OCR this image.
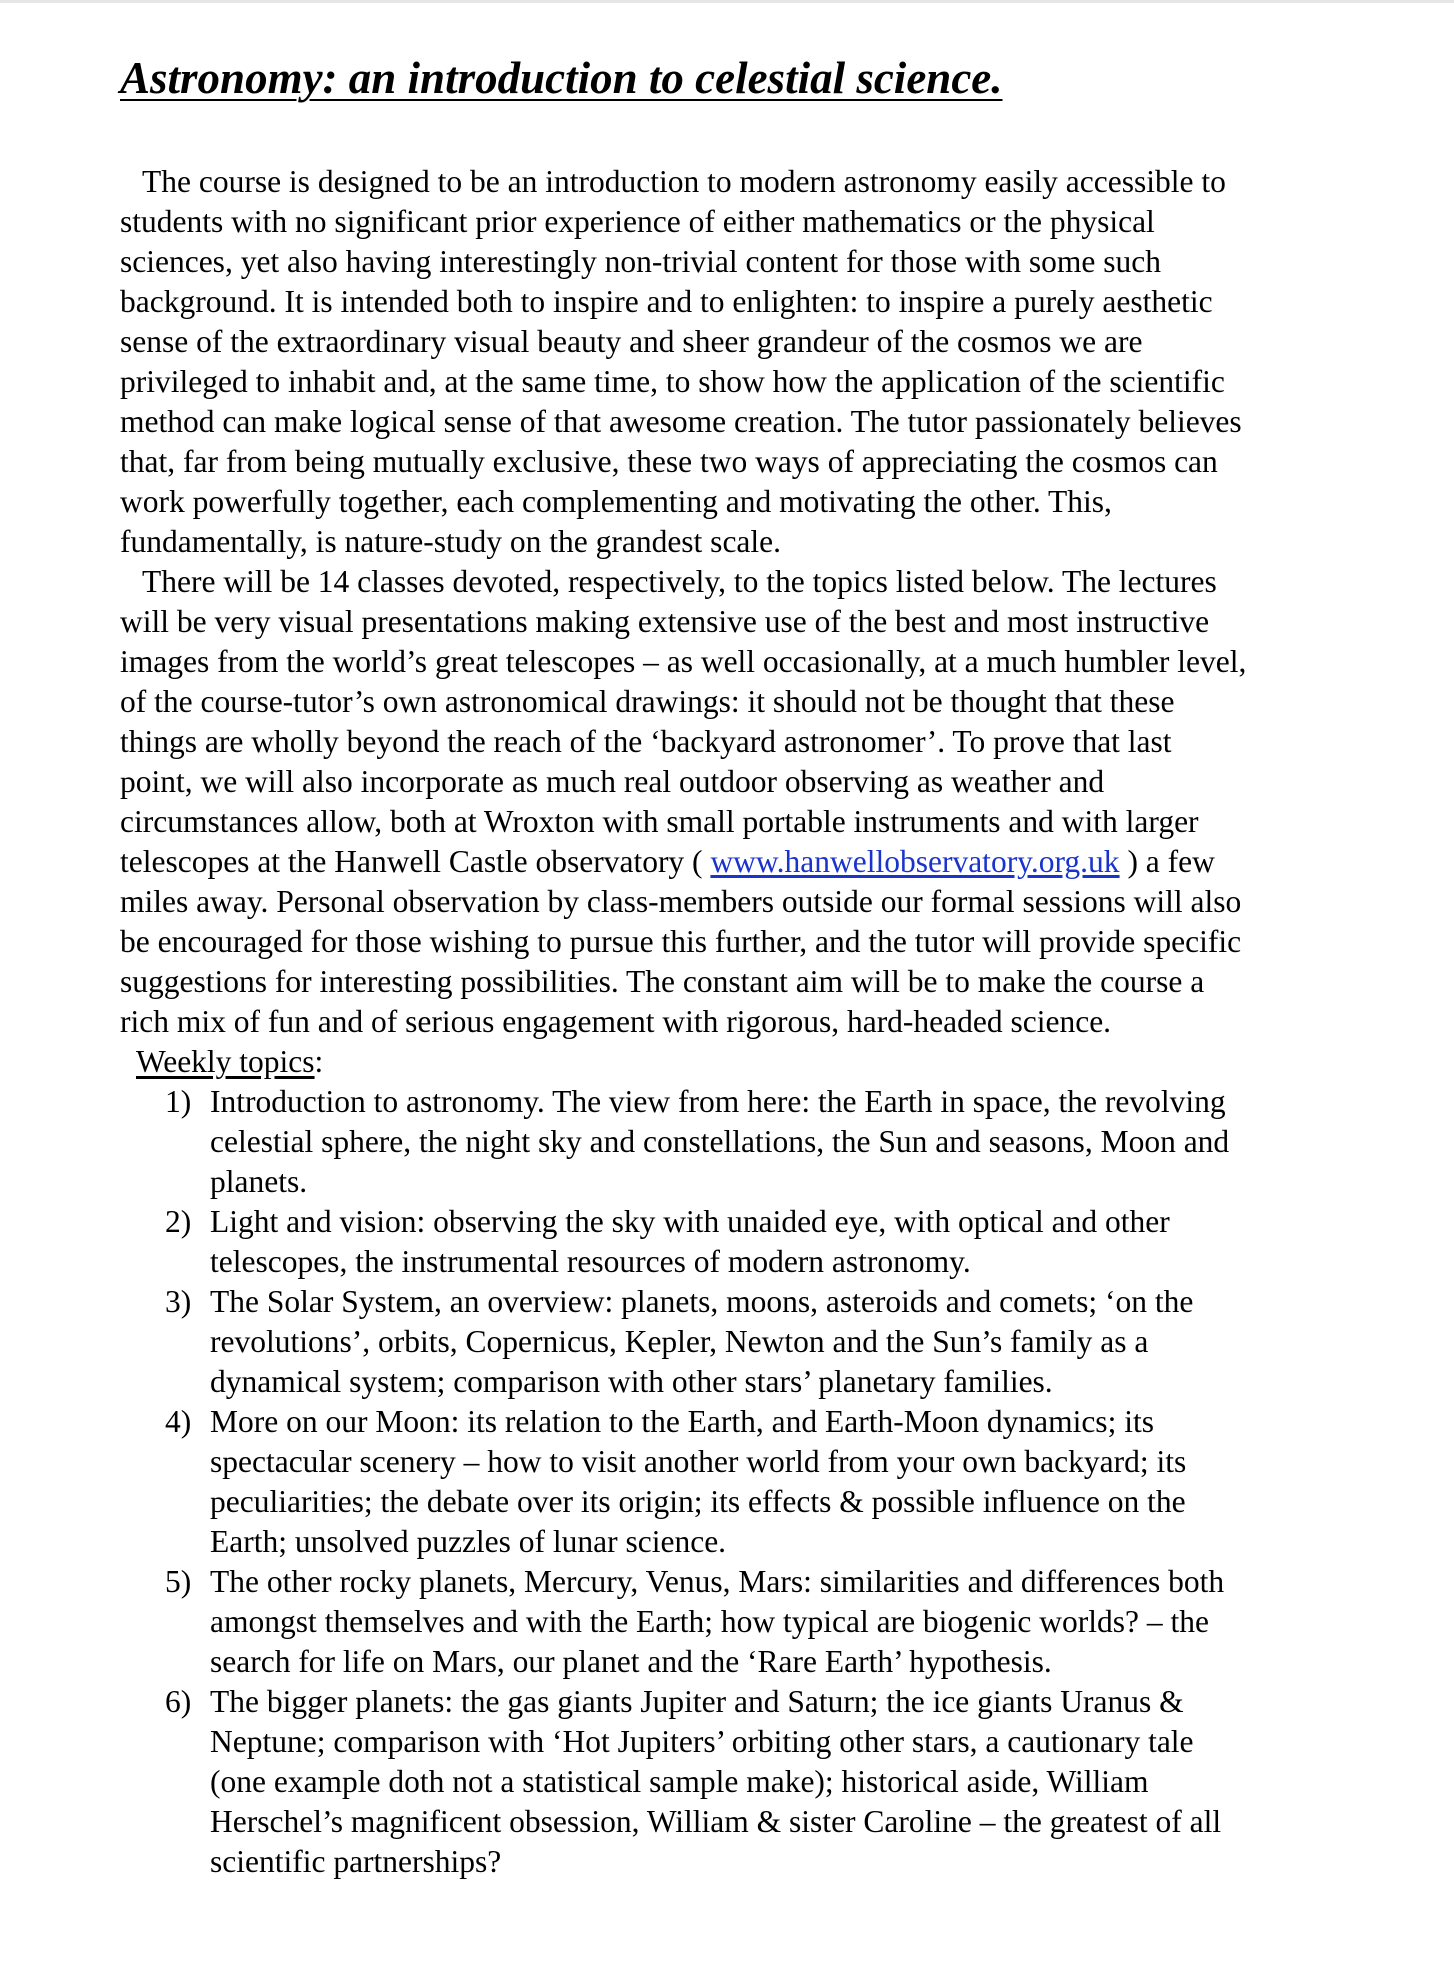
Astronomy: an introduction to celestial science.

The course is designed to be an introduction to modern astronomy easily accessible to
students with no significant prior experience of either mathematics or the physical
sciences, yet also having interestingly non-trivial content for those with some such
background. It is intended both to inspire and to enlighten: to inspire a purely aesthetic
sense of the extraordinary visual beauty and sheer grandeur of the cosmos we are
privileged to inhabit and, at the same time, to show how the application of the scientific
method can make logical sense of that awesome creation. The tutor passionately believes
that, far from being mutually exclusive, these two ways of appreciating the cosmos can
work powerfully together, each complementing and motivating the other. This,
fundamentally, is nature-study on the grandest scale.

There will be 14 classes devoted, respectively, to the topics listed below. The lectures
will be very visual presentations making extensive use of the best and most instructive
images from the world’s great telescopes – as well occasionally, at a much humbler level,
of the course-tutor’s own astronomical drawings: it should not be thought that these
things are wholly beyond the reach of the ‘backyard astronomer’. To prove that last
point, we will also incorporate as much real outdoor observing as weather and
circumstances allow, both at Wroxton with small portable instruments and with larger
telescopes at the Hanwell Castle observatory ( www.hanwellobservatory.org.uk ) a few
miles away. Personal observation by class-members outside our formal sessions will also
be encouraged for those wishing to pursue this further, and the tutor will provide specific
suggestions for interesting possibilities. The constant aim will be to make the course a
rich mix of fun and of serious engagement with rigorous, hard-headed science.

Weekly topics:

1) Introduction to astronomy. The view from here: the Earth in space, the revolving
celestial sphere, the night sky and constellations, the Sun and seasons, Moon and
planets.
2) Light and vision: observing the sky with unaided eye, with optical and other
telescopes, the instrumental resources of modern astronomy.
3) The Solar System, an overview: planets, moons, asteroids and comets; ‘on the
revolutions’, orbits, Copernicus, Kepler, Newton and the Sun’s family as a
dynamical system; comparison with other stars’ planetary families.
4) More on our Moon: its relation to the Earth, and Earth-Moon dynamics; its
spectacular scenery – how to visit another world from your own backyard; its
peculiarities; the debate over its origin; its effects & possible influence on the
Earth; unsolved puzzles of lunar science.
5) The other rocky planets, Mercury, Venus, Mars: similarities and differences both
amongst themselves and with the Earth; how typical are biogenic worlds? – the
search for life on Mars, our planet and the ‘Rare Earth’ hypothesis.
6) The bigger planets: the gas giants Jupiter and Saturn; the ice giants Uranus &
Neptune; comparison with ‘Hot Jupiters’ orbiting other stars, a cautionary tale
(one example doth not a statistical sample make); historical aside, William
Herschel’s magnificent obsession, William & sister Caroline – the greatest of all
scientific partnerships?
